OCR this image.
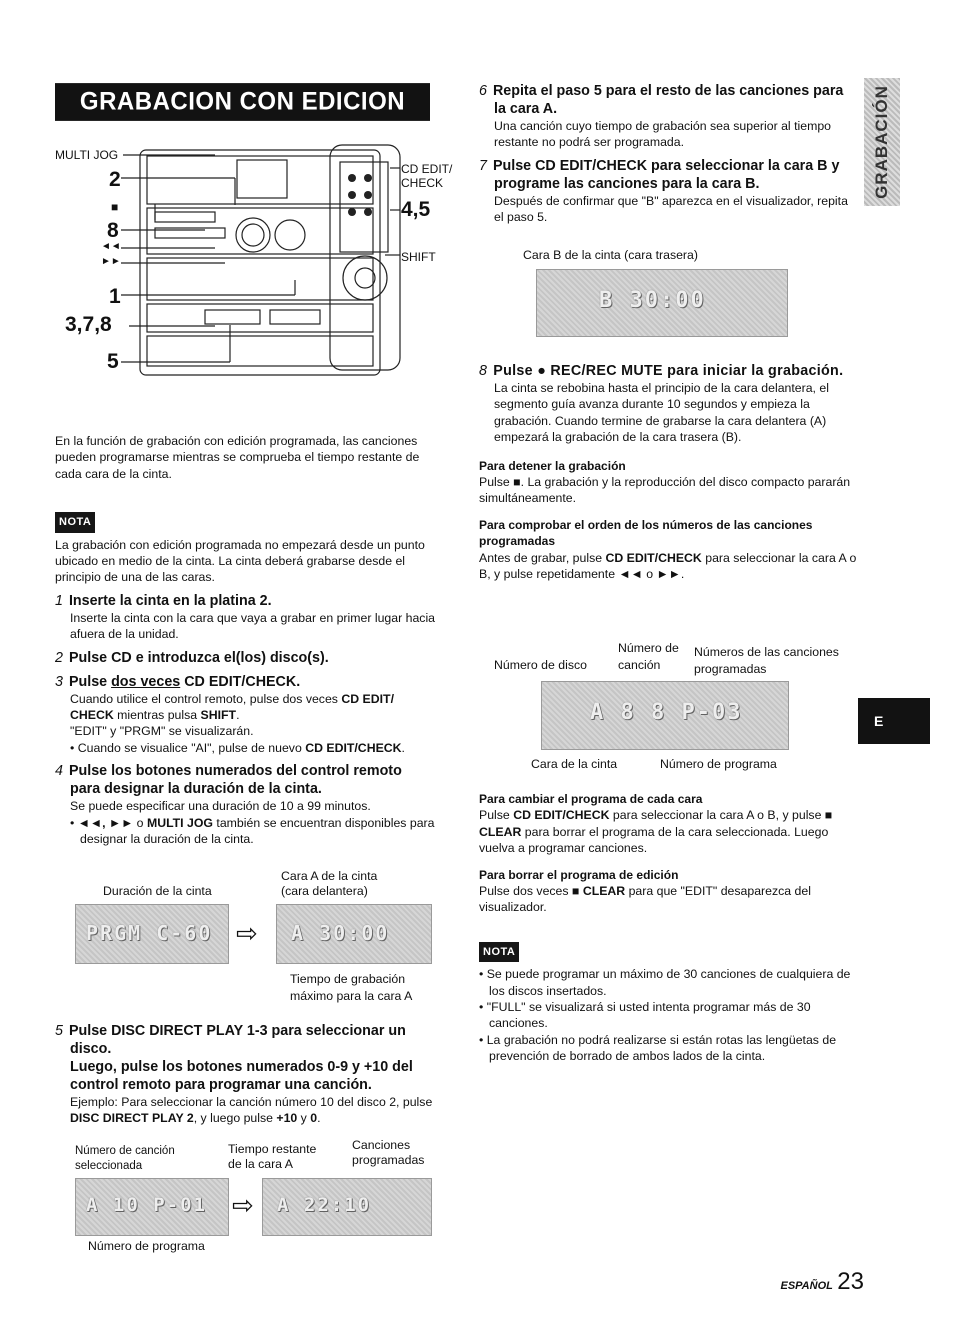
GRABACION CON EDICION PROGRAMADA	GRABACIÓN
E
MULTI JOG
CD EDIT/
CHECK
SHIFT
2
■
8
◄◄
►►
1
3,7,8
5
4,5

En la función de grabación con edición programada, las canciones pueden programarse mientras se comprueba el tiempo restante de cada cara de la cinta.

NOTA

La grabación con edición programada no empezará desde un punto ubicado en medio de la cinta. La cinta deberá grabarse desde el principio de una de las caras.

1 Inserte la cinta en la platina 2.

Inserte la cinta con la cara que vaya a grabar en primer lugar hacia afuera de la unidad.

2 Pulse CD e introduzca el(los) disco(s).

3 Pulse dos veces CD EDIT/CHECK.

Cuando utilice el control remoto, pulse dos veces CD EDIT/ CHECK mientras pulsa SHIFT.

"EDIT" y "PRGM" se visualizarán.

• Cuando se visualice "AI", pulse de nuevo CD EDIT/CHECK.

4 Pulse los botones numerados del control remoto para designar la duración de la cinta.

Se puede especificar una duración de 10 a 99 minutos.

• ◄◄, ►► o MULTI JOG también se encuentran disponibles para designar la duración de la cinta.

Duración de la cinta
Cara A de la cinta
(cara delantera)
PRGM C-60 ⇨ A 30:00
Tiempo de grabación
máximo para la cara A

5 Pulse DISC DIRECT PLAY 1-3 para seleccionar un disco.

Luego, pulse los botones numerados 0-9 y +10 del control remoto para programar una canción.

Ejemplo: Para seleccionar la canción número 10 del disco 2, pulse DISC DIRECT PLAY 2, y luego pulse +10 y 0.

Número de canción
seleccionada
Tiempo restante
de la cara A
Canciones
programadas
A 10 P-01 ⇨ A 22:10
Número de programa

6 Repita el paso 5 para el resto de las canciones para la cara A.

Una canción cuyo tiempo de grabación sea superior al tiempo restante no podrá ser programada.

7 Pulse CD EDIT/CHECK para seleccionar la cara B y programe las canciones para la cara B.

Después de confirmar que "B" aparezca en el visualizador, repita el paso 5.

Cara B de la cinta (cara trasera)
B 30:00

8 Pulse ● REC/REC MUTE para iniciar la grabación.

La cinta se rebobina hasta el principio de la cara delantera, el segmento guía avanza durante 10 segundos y empieza la grabación. Cuando termine de grabarse la cara delantera (A) empezará la grabación de la cara trasera (B).

Para detener la grabación

Pulse ■. La grabación y la reproducción del disco compacto pararán simultáneamente.

Para comprobar el orden de los números de las canciones programadas

Antes de grabar, pulse CD EDIT/CHECK para seleccionar la cara A o B, y pulse repetidamente ◄◄ o ►►.

Número de disco
Número de
canción
Números de las canciones
programadas
A 8 8 P-03
Cara de la cinta	Número de programa

Para cambiar el programa de cada cara

Pulse CD EDIT/CHECK para seleccionar la cara A o B, y pulse ■ CLEAR para borrar el programa de la cara seleccionada. Luego vuelva a programar canciones.

Para borrar el programa de edición

Pulse dos veces ■ CLEAR para que "EDIT" desaparezca del visualizador.

NOTA

• Se puede programar un máximo de 30 canciones de cualquiera de los discos insertados.

• "FULL" se visualizará si usted intenta programar más de 30 canciones.

• La grabación no podrá realizarse si están rotas las lengüetas de prevención de borrado de ambos lados de la cinta.

ESPAÑOL 23
